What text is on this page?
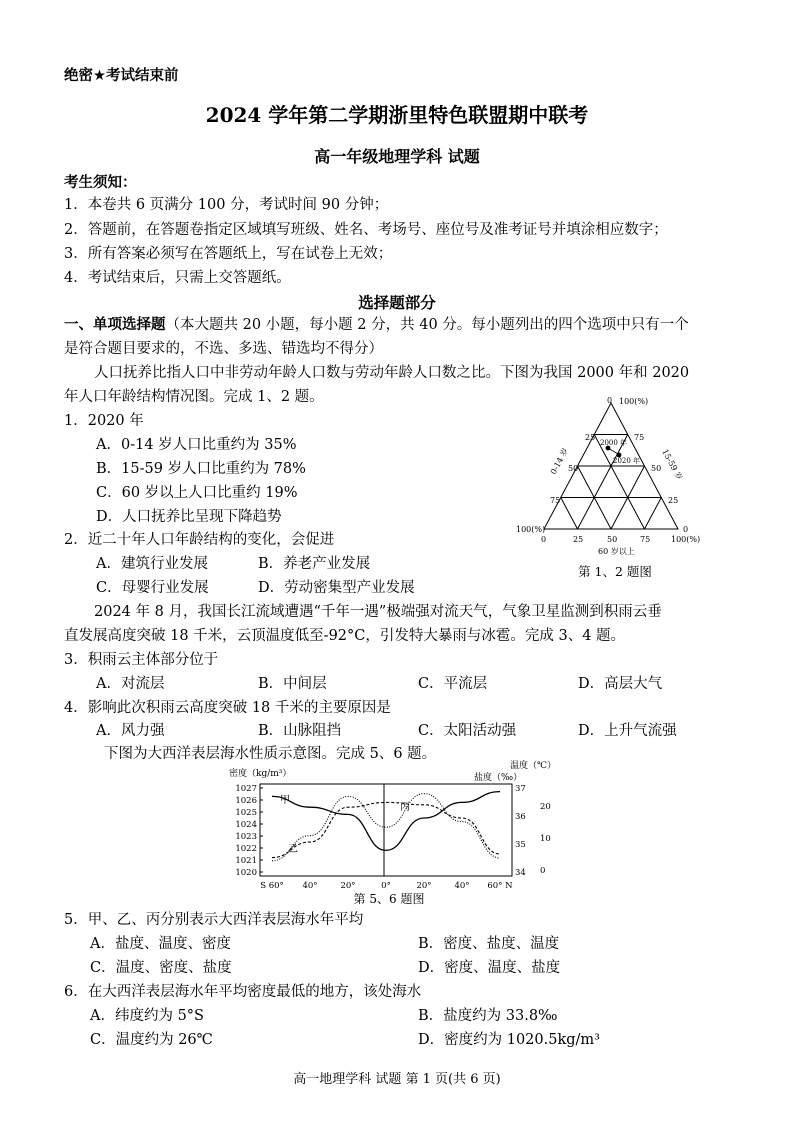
绝密★考试结束前
2024 学年第二学期浙里特色联盟期中联考
高一年级地理学科 试题
考生须知：
1．本卷共 6 页满分 100 分，考试时间 90 分钟；
2．答题前，在答题卷指定区域填写班级、姓名、考场号、座位号及准考证号并填涂相应数字；
3．所有答案必须写在答题纸上，写在试卷上无效；
4．考试结束后，只需上交答题纸。
选择题部分
一、单项选择题（本大题共 20 小题，每小题 2 分，共 40 分。每小题列出的四个选项中只有一个
是符合题目要求的，不选、多选、错选均不得分）
人口抚养比指人口中非劳动年龄人口数与劳动年龄人口数之比。下图为我国 2000 年和 2020
年人口年龄结构情况图。完成 1、2 题。
1．2020 年
A．0-14 岁人口比重约为 35%
B．15-59 岁人口比重约为 78%
C．60 岁以上人口比重约 19%
D．人口抚养比呈现下降趋势
2．近二十年人口年龄结构的变化，会促进
A．建筑行业发展	B．养老产业发展
C．母婴行业发展	D．劳动密集型产业发展
0 100(%)
25
50
75
100(%)
75
50
25
0
0	25	50	75	100(%)
60 岁以上
2000 年
2020 年
0-14 岁	15-59 岁
第 1、2 题图
2024 年 8 月，我国长江流域遭遇“千年一遇”极端强对流天气，气象卫星监测到积雨云垂
直发展高度突破 18 千米，云顶温度低至-92°C，引发特大暴雨与冰雹。完成 3、4 题。
3．积雨云主体部分位于
A．对流层	B．中间层	C．平流层	D．高层大气
4．影响此次积雨云高度突破 18 千米的主要原因是
A．风力强	B．山脉阻挡	C．太阳活动强	D．上升气流强
下图为大西洋表层海水性质示意图。完成 5、6 题。
密度（kg/m³）	盐度（‰）
温度（℃）
1027
1026
1025
1024
1023
1022
1021
1020
37
36
35
34
20
10
0
S 60° 40°	20°	0°	20°	40° 60° N
甲
乙
丙
第 5、6 题图
5．甲、乙、丙分别表示大西洋表层海水年平均
A．盐度、温度、密度	B．密度、盐度、温度
C．温度、密度、盐度	D．密度、温度、盐度
6．在大西洋表层海水年平均密度最低的地方，该处海水
A．纬度约为 5°S	B．盐度约为 33.8‰
C．温度约为 26℃	D．密度约为 1020.5kg/m³
高一地理学科 试题 第 1 页(共 6 页)
